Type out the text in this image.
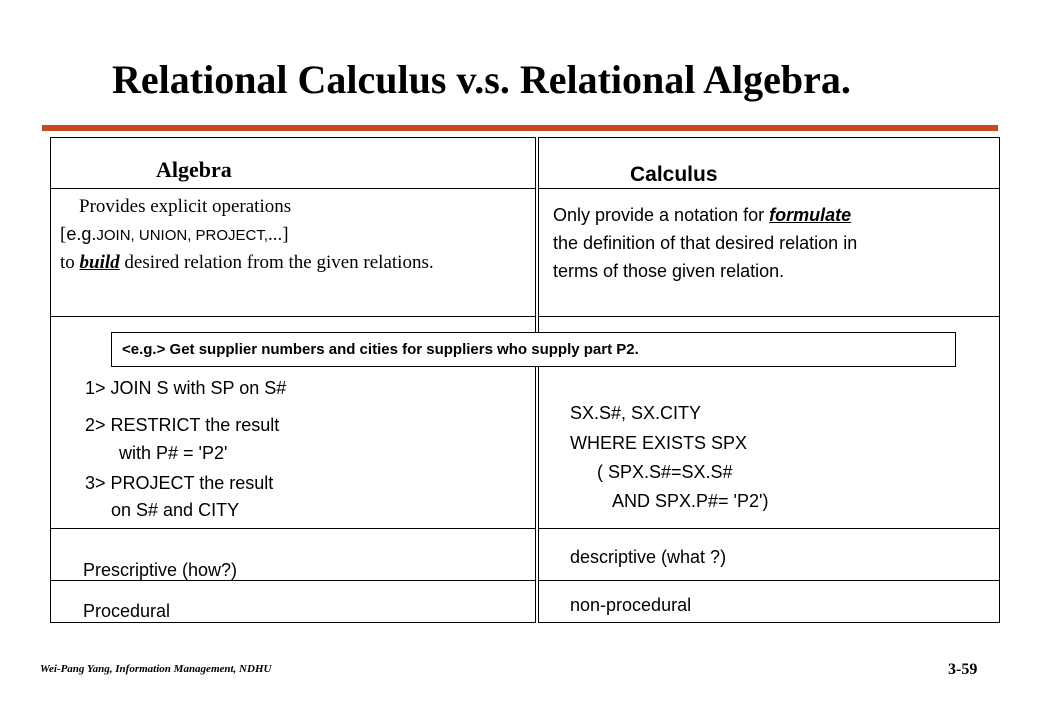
Relational Calculus v.s. Relational Algebra.
Algebra
Provides explicit operations
[e.g.JOIN, UNION, PROJECT,...]
to build desired relation from the given relations.
1> JOIN S with SP on S#
2> RESTRICT the result
with P# = 'P2'
3> PROJECT the result
on S# and CITY
Prescriptive (how?)
Procedural
Calculus
Only provide a notation for formulate
the definition of that desired relation in
terms of those given relation.
SX.S#, SX.CITY
WHERE EXISTS SPX
( SPX.S#=SX.S#
AND SPX.P#= 'P2')
descriptive (what ?)
non-procedural
<e.g.> Get supplier numbers and cities for suppliers who supply part P2.
Wei-Pang Yang, Information Management, NDHU	3-59
